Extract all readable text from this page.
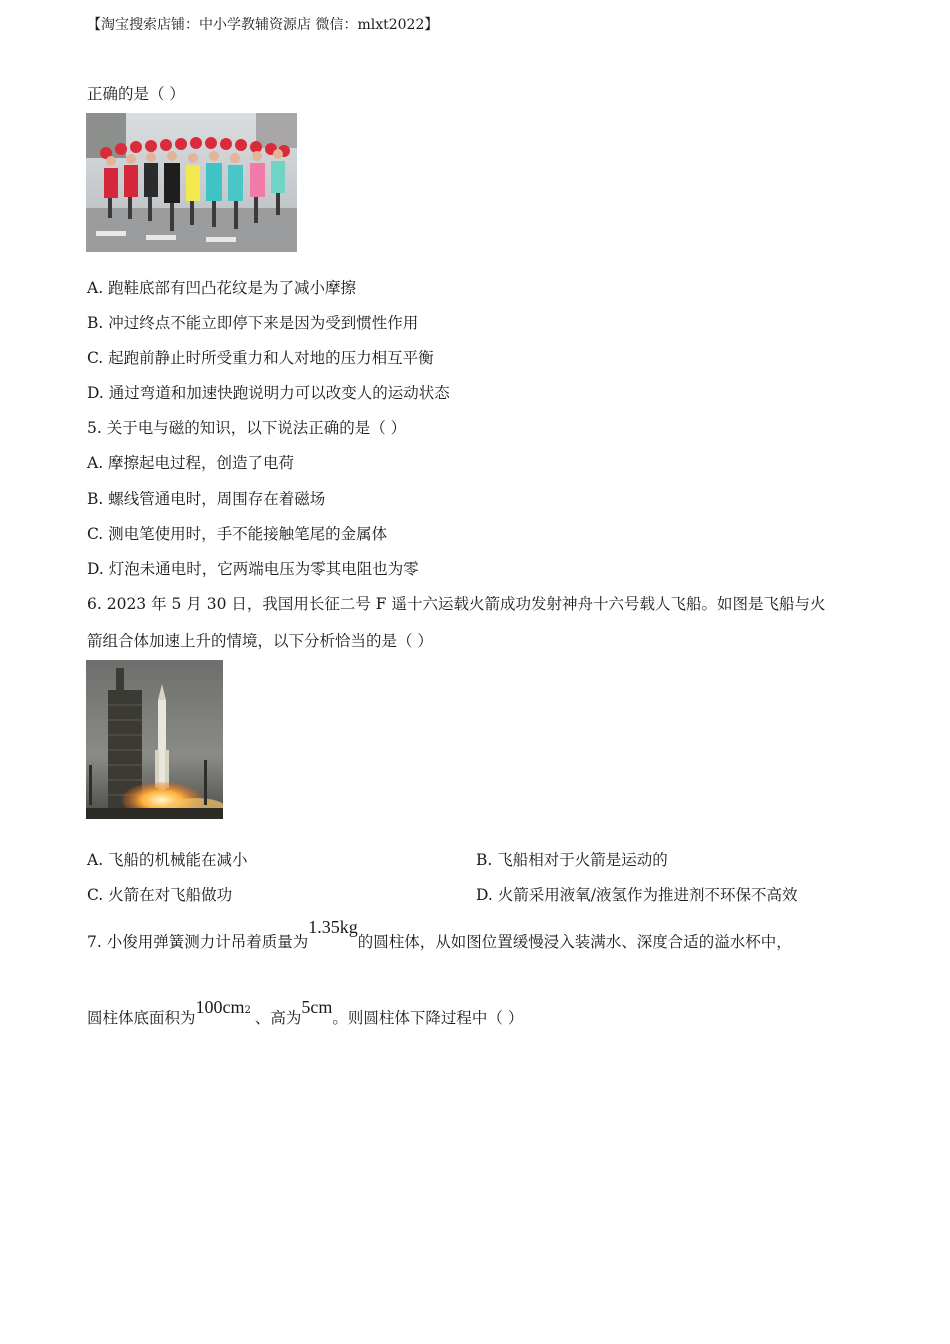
【淘宝搜索店铺：中小学教辅资源店 微信：mlxt2022】
正确的是（ ）
A. 跑鞋底部有凹凸花纹是为了减小摩擦
B. 冲过终点不能立即停下来是因为受到惯性作用
C. 起跑前静止时所受重力和人对地的压力相互平衡
D. 通过弯道和加速快跑说明力可以改变人的运动状态
5. 关于电与磁的知识，以下说法正确的是（ ）
A. 摩擦起电过程，创造了电荷
B. 螺线管通电时，周围存在着磁场
C. 测电笔使用时，手不能接触笔尾的金属体
D. 灯泡未通电时，它两端电压为零其电阻也为零
6. 2023 年 5 月 30 日，我国用长征二号 F 遥十六运载火箭成功发射神舟十六号载人飞船。如图是飞船与火
箭组合体加速上升的情境，以下分析恰当的是（ ）
A. 飞船的机械能在减小	B. 飞船相对于火箭是运动的
C. 火箭在对飞船做功	D. 火箭采用液氧/液氢作为推进剂不环保不高效
7. 小俊用弹簧测力计吊着质量为1.35kg的圆柱体，从如图位置缓慢浸入装满水、深度合适的溢水杯中，
圆柱体底面积为$100cm^2$ 、高为5cm。则圆柱体下降过程中（ ）
